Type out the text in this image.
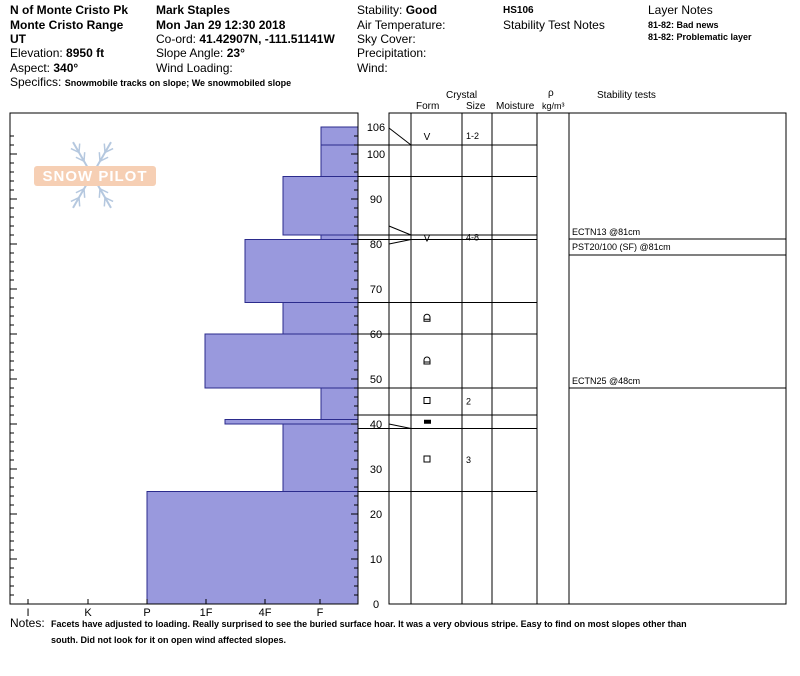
N of Monte Cristo Pk
Monte Cristo Range
UT
Elevation: 8950 ft
Aspect: 340°
Specifics: Snowmobile tracks on slope; We snowmobiled slope
Mark Staples
Mon Jan 29 12:30 2018
Co-ord: 41.42907N, -111.51141W
Slope Angle: 23°
Wind Loading:
Stability: Good
Air Temperature:
Sky Cover:
Precipitation:
Wind:
HS106
Stability Test Notes
Layer Notes
81-82: Bad news
81-82: Problematic layer
Crystal
Form	Size Moisture
ρ
kg/m³
Stability tests
SNOW PILOT
0
10
20
30
40
50
60
70
80
90
100
106
I	K	P	1F	4F	F
V	1-2
V	4-8
2
3
ECTN13 @81cm
PST20/100 (SF) @81cm
ECTN25 @48cm
Notes: Facets have adjusted to loading. Really surprised to see the buried surface hoar. It was a very obvious stripe. Easy to find on most slopes other than
south. Did not look for it on open wind affected slopes.
